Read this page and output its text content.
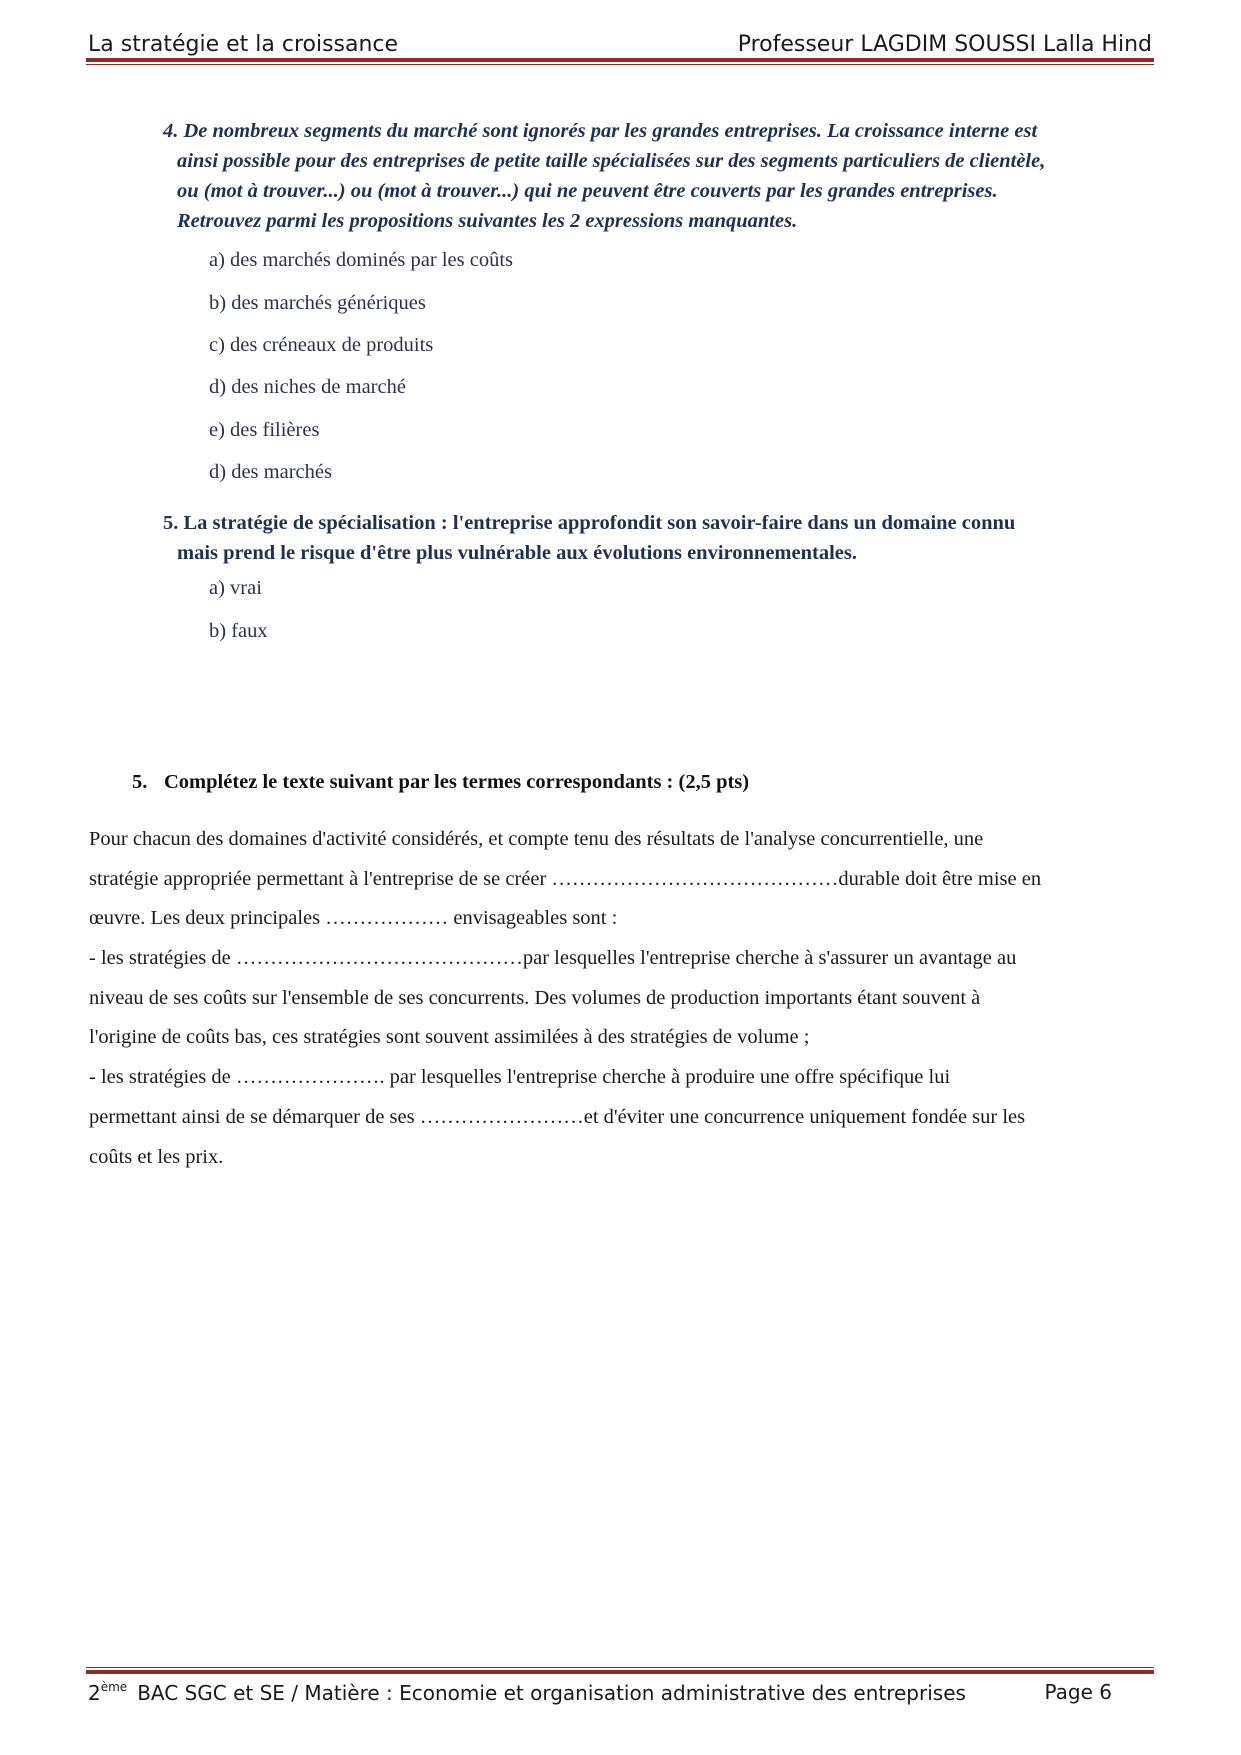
La stratégie et la croissance	Professeur LAGDIM SOUSSI Lalla Hind
4. De nombreux segments du marché sont ignorés par les grandes entreprises. La croissance interne est
ainsi possible pour des entreprises de petite taille spécialisées sur des segments particuliers de clientèle,
ou (mot à trouver...) ou (mot à trouver...) qui ne peuvent être couverts par les grandes entreprises.
Retrouvez parmi les propositions suivantes les 2 expressions manquantes.
a) des marchés dominés par les coûts
b) des marchés génériques
c) des créneaux de produits
d) des niches de marché
e) des filières
d) des marchés
5. La stratégie de spécialisation : l'entreprise approfondit son savoir-faire dans un domaine connu
mais prend le risque d'être plus vulnérable aux évolutions environnementales.
a) vrai
b) faux
5. Complétez le texte suivant par les termes correspondants : (2,5 pts)
Pour chacun des domaines d'activité considérés, et compte tenu des résultats de l'analyse concurrentielle, une
stratégie appropriée permettant à l'entreprise de se créer ……………………………………durable doit être mise en
œuvre. Les deux principales ……………… envisageables sont :
- les stratégies de ……………………………………par lesquelles l'entreprise cherche à s'assurer un avantage au
niveau de ses coûts sur l'ensemble de ses concurrents. Des volumes de production importants étant souvent à
l'origine de coûts bas, ces stratégies sont souvent assimilées à des stratégies de volume ;
- les stratégies de …………………. par lesquelles l'entreprise cherche à produire une offre spécifique lui
permettant ainsi de se démarquer de ses ……………………et d'éviter une concurrence uniquement fondée sur les
coûts et les prix.
2ème BAC SGC et SE / Matière : Economie et organisation administrative des entreprises	Page 6
